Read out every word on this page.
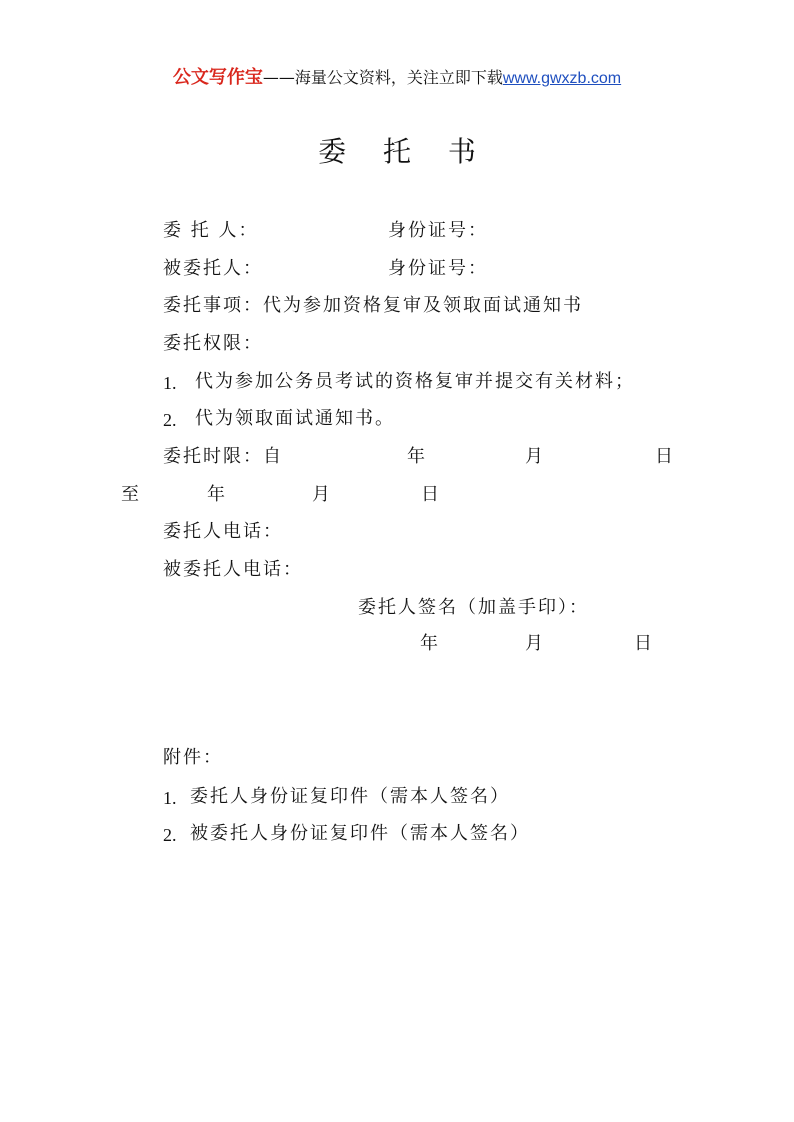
公文写作宝——海量公文资料，关注立即下载www.gwxzb.com
委 托 书
委 托 人：	身份证号：
被委托人：	身份证号：
委托事项：代为参加资格复审及领取面试通知书
委托权限：
1. 代为参加公务员考试的资格复审并提交有关材料；
2. 代为领取面试通知书。
委托时限：自	年	月	日
至	年	月	日
委托人电话：
被委托人电话：
委托人签名（加盖手印）：
年	月	日
附件：
1. 委托人身份证复印件（需本人签名）
2. 被委托人身份证复印件（需本人签名）
